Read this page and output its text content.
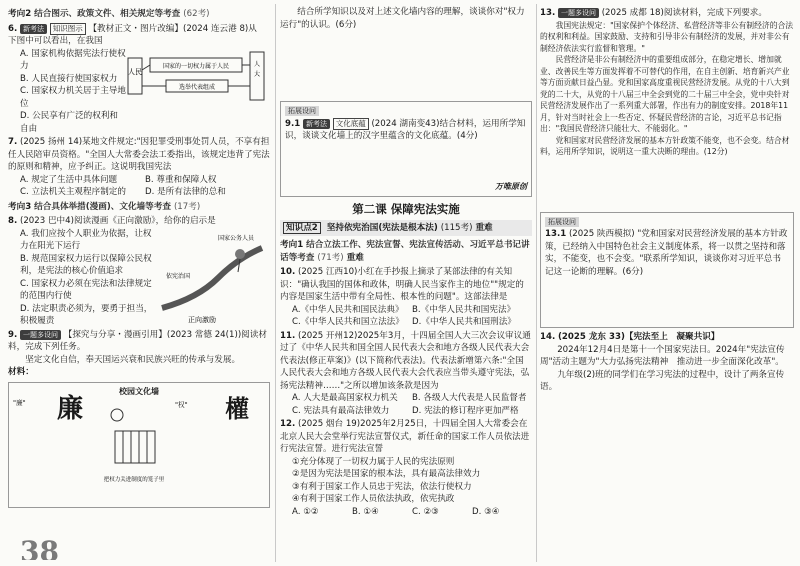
考向2 结合图示、政策文件、相关规定等考查 (62考)
6. 新考法 知识图示 【教材正文・图片改编】(2024 连云港 8)从
下图中可以看出，在我国
A. 国家机构依据宪法行使权力
B. 人民直接行使国家权力
C. 国家权力机关居于主导地位
D. 公民享有广泛的权利和自由
人民
国家的一切权力属于人民	人
大
选举代表组成
7. (2025 扬州 14)某地文件规定:"因犯罪受刑事处罚人员，不享有担任人民陪审员资格。"全国人大常委会法工委指出，该规定违背了宪法的原则和精神，应予纠正。这说明我国宪法
A. 规定了生活中具体问题	B. 尊重和保障人权
C. 立法机关主观程序制定的	D. 是所有法律的总和
考向3 结合具体举措(漫画)、文化墙等考查 (17考)
8. (2023 巴中4)阅读漫画《正向激励》，给你的启示是
A. 我们应按个人职业为依据，让权力在阳光下运行
B. 规范国家权力运行以保障公民权利，是宪法的核心价值追求
C. 国家权力必须在宪法和法律规定的范围内行使
D. 法定职责必须为，要勇于担当，积极履责
国家公务人员
依宪治国
正向激励
9. 一题多设问 【探究与分享・漫画引用】(2023 常德 24(1))阅读材料，完成下列任务。
坚定文化自信，奉天国运兴衰和民族兴旺的传承与发展。
材料：
校园文化墙
"廉"	廉
把权力关进制度的笼子里
"权" 權
38
结合所学知识以及对上述文化墙内容的理解，谈谈你对"权力运行"的认识。(6分)
拓展设问
9.1 新考法 文化底蕴 (2024 湖南变43)结合材料，运用所学知识，谈谈文化墙上的汉字里蕴含的文化底蕴。(4分)
万唯原创
第二课 保障宪法实施
知识点2 坚持依宪治国(宪法是根本法) (115考) 重难
考向1 结合立法工作、宪法宣誓、宪法宣传活动、习近平总书记讲话等考查 (71考) 重难
10. (2025 江西10)小红在手抄报上摘录了某部法律的有关知识："确认我国的国体和政体，明确人民当家作主的地位""规定的内容是国家生活中带有全局性、根本性的问题"。这部法律是
A.《中华人民共和国民法典》 B.《中华人民共和国宪法》
C.《中华人民共和国立法法》 D.《中华人民共和国刑法》
11. (2025 开州12)2025年3月，十四届全国人大三次会议审议通过了《中华人民共和国全国人民代表大会和地方各级人民代表大会代表法(修正草案)》(以下简称代表法)。代表法新增第六条:"全国人民代表大会和地方各级人民代表大会代表应当带头遵守宪法，弘扬宪法精神……"之所以增加该条款是因为
A. 人大是最高国家权力机关	B. 各级人大代表是人民监督者
C. 宪法具有最高法律效力	D. 宪法的修订程序更加严格
12. (2025 烟台 19)2025年2月25日，十四届全国人大常委会在北京人民大会堂举行宪法宣誓仪式，新任命的国家工作人员依法进行宪法宣誓。进行宪法宣誓
①充分体现了一切权力属于人民的宪法原则
②是因为宪法是国家的根本法，具有最高法律效力
③有利于国家工作人员忠于宪法，依法行使权力
④有利于国家工作人员依法执政，依宪执政
A. ①②	B. ①④	C. ②③	D. ③④
13. 一题多设问 (2025 成都 18)阅读材料，完成下列要求。
我国宪法规定："国家保护个体经济、私营经济等非公有制经济的合法的权利和利益。国家鼓励、支持和引导非公有制经济的发展，并对非公有制经济依法实行监督和管理。"
民营经济是非公有制经济中的重要组成部分，在稳定增长、增加就业、改善民生等方面发挥着不可替代的作用，在自主创新、培育新兴产业等方面贡献日益凸显。党和国家高度重视民营经济发展。从党的十八大到党的二十大，从党的十八届三中全会到党的二十届三中全会，党中央针对民营经济发展作出了一系列重大部署，作出有力的制度安排。2018年11月，针对当时社会上一些否定、怀疑民营经济的言论，习近平总书记指出："我国民营经济只能壮大、不能弱化。"
党和国家对民营经济发展的基本方针政策不能变，也不会变。结合材料，运用所学知识，说明这一重大决断的理由。(12分)
拓展设问
13.1 (2025 陕西模拟) "党和国家对民营经济发展的基本方针政策，已经纳入中国特色社会主义制度体系，将一以贯之坚持和落实，不能变，也不会变。"联系所学知识，谈谈你对习近平总书记这一论断的理解。(6分)
14. (2025 龙东 33)【宪法至上　凝聚共识】
2024年12月4日是第十一个国家宪法日。2024年"宪法宣传周"活动主题为"大力弘扬宪法精神　推动进一步全面深化改革"。
九年级(2)班的同学们在学习宪法的过程中，设计了两条宣传语。
